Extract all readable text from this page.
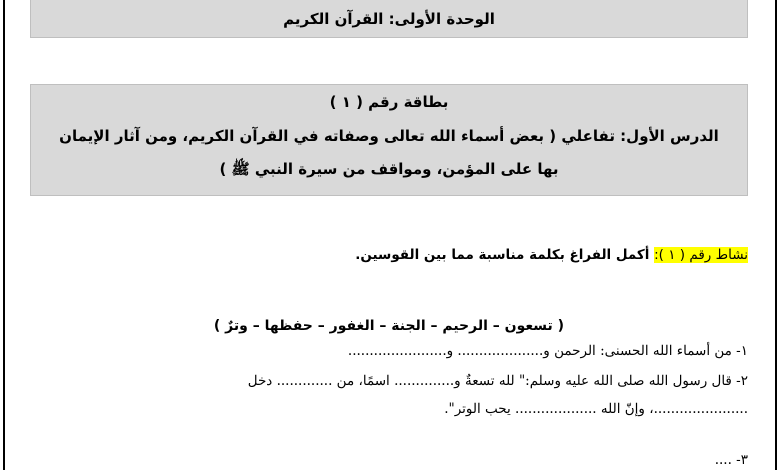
الوحدة الأولى: القرآن الكريم
بطاقة رقم ( ١ )
الدرس الأول: تفاعلي ( بعض أسماء الله تعالى وصفاته في القرآن الكريم، ومن آثار الإيمان
بها على المؤمن، ومواقف من سيرة النبي ﷺ )
نشاط رقم ( ١ ): أكمل الفراغ بكلمة مناسبة مما بين القوسين.
( تسعون – الرحيم – الجنة – الغفور – حفظها – وترٌ )
١- من أسماء الله الحسنى: الرحمن و.................... و.......................
٢- قال رسول الله صلى الله عليه وسلم:" لله تسعةٌ و.............. اسمًا، من ............. دخل
......................، وإنّ الله ................... يحب الوتر".
٣- ....
